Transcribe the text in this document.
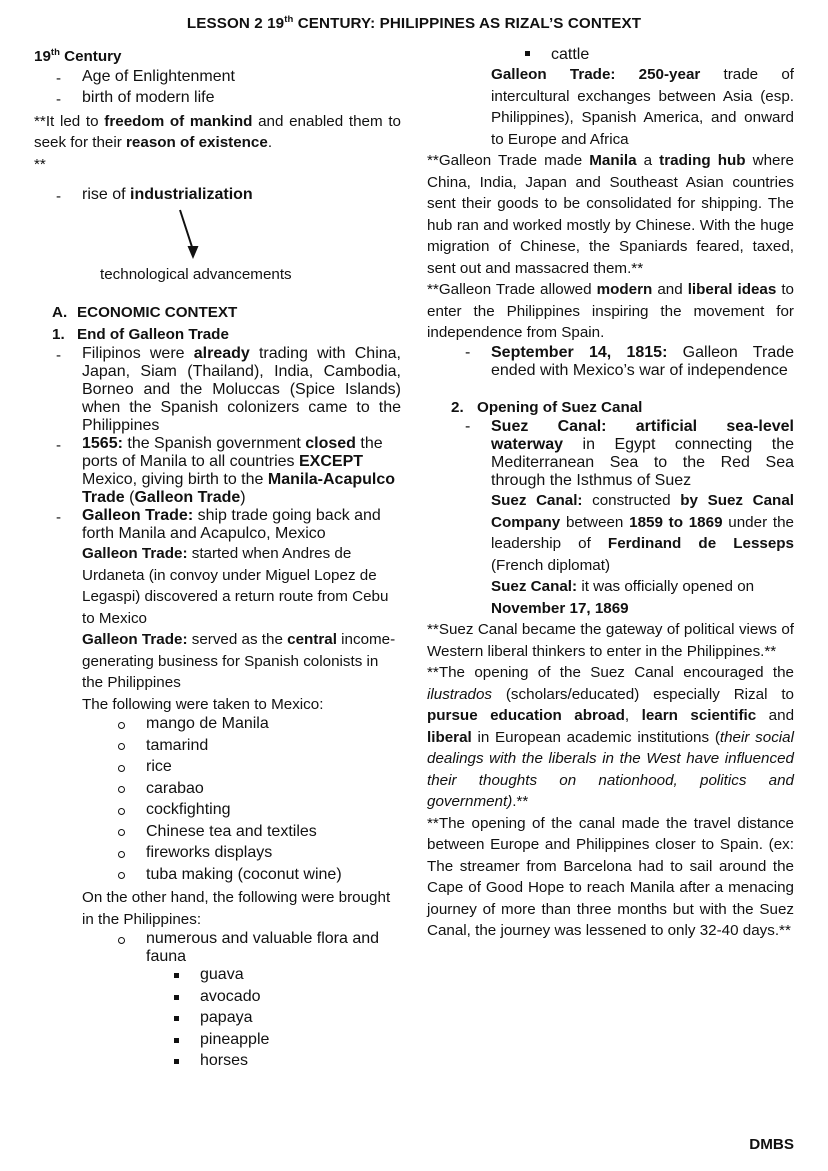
LESSON 2 19th CENTURY: PHILIPPINES AS RIZAL’S CONTEXT
19th Century
-	Age of Enlightenment
-	birth of modern life

**It led to freedom of mankind and enabled them to seek for their reason of existence.

**

-	rise of industrialization
technological advancements
A. ECONOMIC CONTEXT
1. End of Galleon Trade
-	Filipinos were already trading with China, Japan, Siam (Thailand), India, Cambodia, Borneo and the Moluccas (Spice Islands) when the Spanish colonizers came to the Philippines
-	1565: the Spanish government closed the ports of Manila to all countries EXCEPT Mexico, giving birth to the Manila-Acapulco Trade (Galleon Trade)
-	Galleon Trade: ship trade going back and forth Manila and Acapulco, Mexico

Galleon Trade: started when Andres de Urdaneta (in convoy under Miguel Lopez de Legaspi) discovered a return route from Cebu to Mexico

Galleon Trade: served as the central income-generating business for Spanish colonists in the Philippines

The following were taken to Mexico:

mango de Manila
tamarind
rice
carabao
cockfighting
Chinese tea and textiles
fireworks displays
tuba making (coconut wine)

On the other hand, the following were brought in the Philippines:

numerous and valuable flora and fauna
guava
avocado
papaya
pineapple
horses
cattle

Galleon Trade: 250-year trade of intercultural exchanges between Asia (esp. Philippines), Spanish America, and onward to Europe and Africa

**Galleon Trade made Manila a trading hub where China, India, Japan and Southeast Asian countries sent their goods to be consolidated for shipping. The hub ran and worked mostly by Chinese. With the huge migration of Chinese, the Spaniards feared, taxed, sent out and massacred them.**

**Galleon Trade allowed modern and liberal ideas to enter the Philippines inspiring the movement for independence from Spain.

-	September 14, 1815: Galleon Trade ended with Mexico’s war of independence
2. Opening of Suez Canal
-	Suez Canal: artificial sea-level waterway in Egypt connecting the Mediterranean Sea to the Red Sea through the Isthmus of Suez

Suez Canal: constructed by Suez Canal Company between 1859 to 1869 under the leadership of Ferdinand de Lesseps (French diplomat)

Suez Canal: it was officially opened on November 17, 1869

**Suez Canal became the gateway of political views of Western liberal thinkers to enter in the Philippines.**

**The opening of the Suez Canal encouraged the ilustrados (scholars/educated) especially Rizal to pursue education abroad, learn scientific and liberal in European academic institutions (their social dealings with the liberals in the West have influenced their thoughts on nationhood, politics and government).**

**The opening of the canal made the travel distance between Europe and Philippines closer to Spain. (ex: The streamer from Barcelona had to sail around the Cape of Good Hope to reach Manila after a menacing journey of more than three months but with the Suez Canal, the journey was lessened to only 32-40 days.**

DMBS
